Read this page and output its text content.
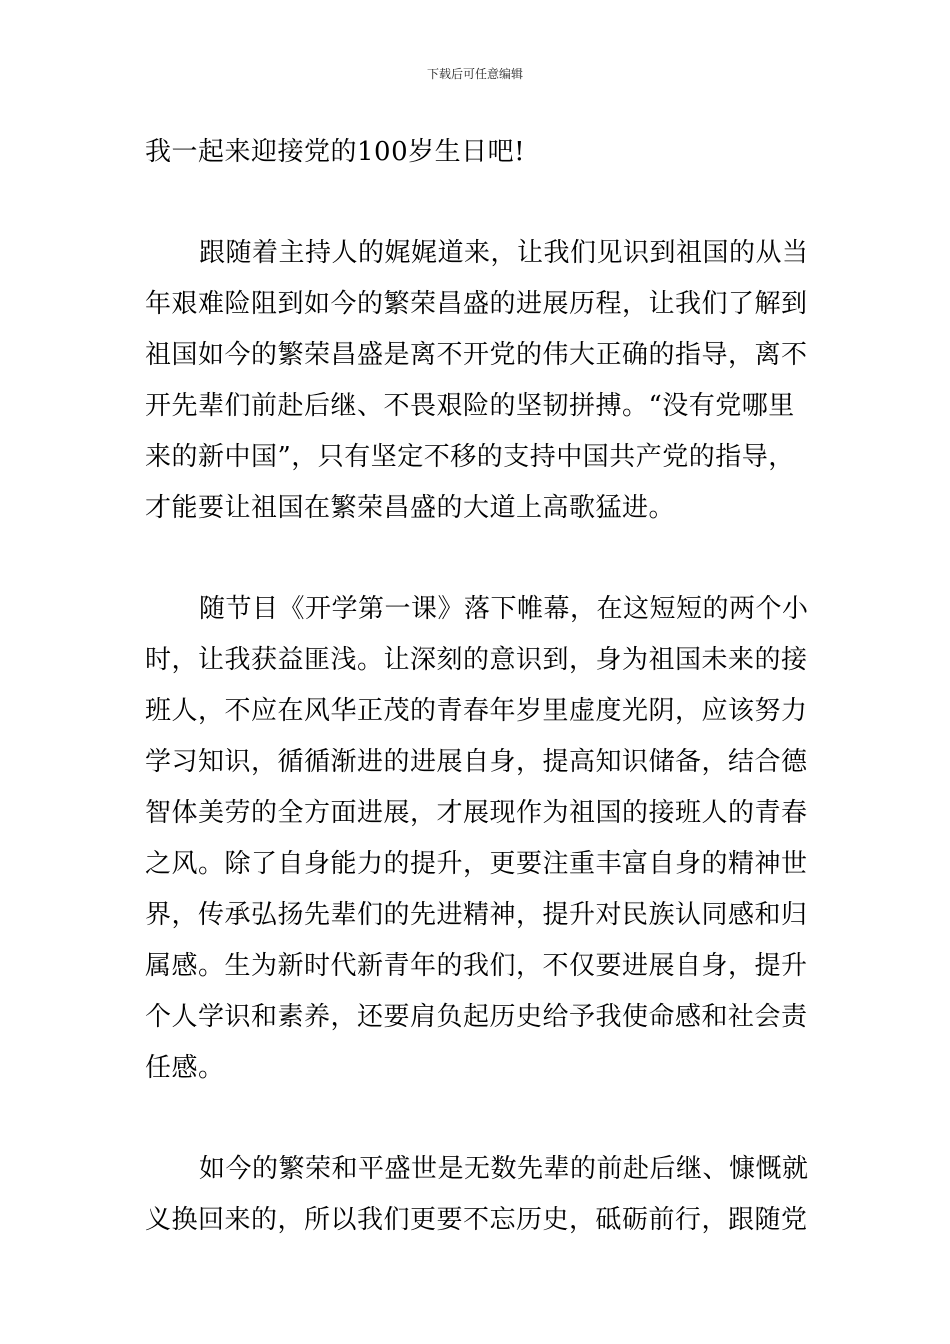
下载后可任意编辑

我一起来迎接党的100岁生日吧!

跟随着主持人的娓娓道来，让我们见识到祖国的从当
年艰难险阻到如今的繁荣昌盛的进展历程，让我们了解到
祖国如今的繁荣昌盛是离不开党的伟大正确的指导，离不
开先辈们前赴后继、不畏艰险的坚韧拼搏。“没有党哪里
来的新中国”，只有坚定不移的支持中国共产党的指导，
才能要让祖国在繁荣昌盛的大道上高歌猛进。

随节目《开学第一课》落下帷幕，在这短短的两个小
时，让我获益匪浅。让深刻的意识到，身为祖国未来的接
班人，不应在风华正茂的青春年岁里虚度光阴，应该努力
学习知识，循循渐进的进展自身，提高知识储备，结合德
智体美劳的全方面进展，才展现作为祖国的接班人的青春
之风。除了自身能力的提升，更要注重丰富自身的精神世
界，传承弘扬先辈们的先进精神，提升对民族认同感和归
属感。生为新时代新青年的我们，不仅要进展自身，提升
个人学识和素养，还要肩负起历史给予我使命感和社会责
任感。

如今的繁荣和平盛世是无数先辈的前赴后继、慷慨就
义换回来的，所以我们更要不忘历史，砥砺前行，跟随党
